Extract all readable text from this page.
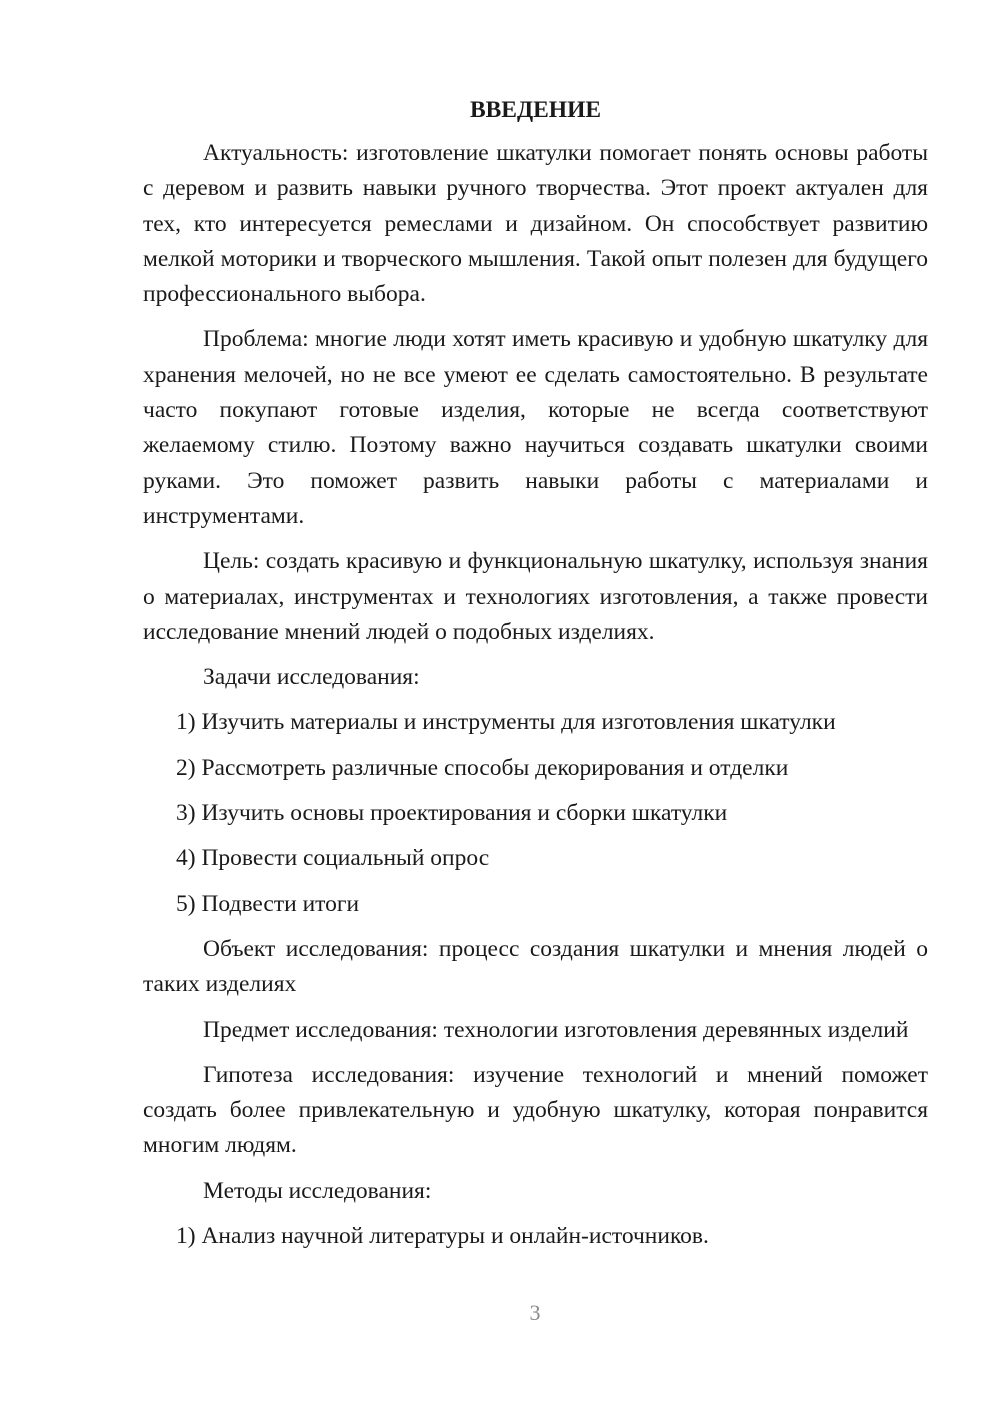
ВВЕДЕНИЕ

Актуальность: изготовление шкатулки помогает понять основы работы с деревом и развить навыки ручного творчества. Этот проект актуален для тех, кто интересуется ремеслами и дизайном. Он способствует развитию мелкой моторики и творческого мышления. Такой опыт полезен для будущего профессионального выбора.

Проблема: многие люди хотят иметь красивую и удобную шкатулку для хранения мелочей, но не все умеют ее сделать самостоятельно. В результате часто покупают готовые изделия, которые не всегда соответствуют желаемому стилю. Поэтому важно научиться создавать шкатулки своими руками. Это поможет развить навыки работы с материалами и инструментами.

Цель: создать красивую и функциональную шкатулку, используя знания о материалах, инструментах и технологиях изготовления, а также провести исследование мнений людей о подобных изделиях.

Задачи исследования:
1) Изучить материалы и инструменты для изготовления шкатулки
2) Рассмотреть различные способы декорирования и отделки
3) Изучить основы проектирования и сборки шкатулки
4) Провести социальный опрос
5) Подвести итоги

Объект исследования: процесс создания шкатулки и мнения людей о таких изделиях

Предмет исследования: технологии изготовления деревянных изделий

Гипотеза исследования: изучение технологий и мнений поможет создать более привлекательную и удобную шкатулку, которая понравится многим людям.

Методы исследования:
1) Анализ научной литературы и онлайн-источников.
3
